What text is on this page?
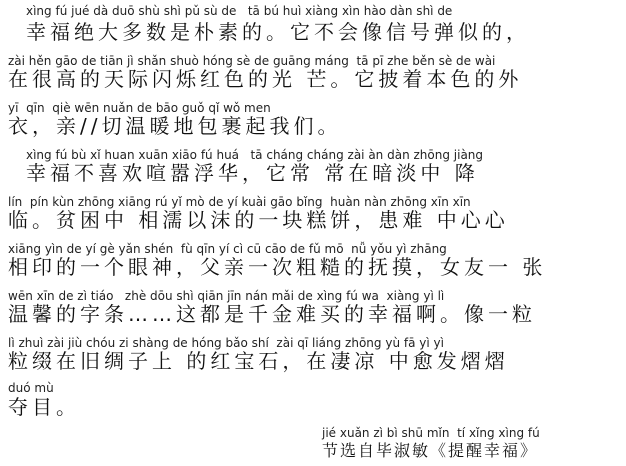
xìng fú jué dà duō shù shì pǔ sù de   tā bú huì xiàng xìn hào dàn shì de
幸福绝大多数是朴素的。它不会像信号弹似的，
zài hěn gāo de tiān jì shǎn shuò hóng sè de guāng máng  tā pī zhe běn sè de wài
在很高的天际闪烁红色的光 芒。它披着本色的外
yī  qīn  qiè wēn nuǎn de bāo guǒ qǐ wǒ men
衣，亲//切温暖地包裹起我们。
xìng fú bù xǐ huan xuān xiāo fú huá   tā cháng cháng zài àn dàn zhōng jiàng
幸福不喜欢喧嚣浮华，它常 常在暗淡中 降
lín  pín kùn zhōng xiāng rú yǐ mò de yí kuài gāo bǐng  huàn nàn zhōng xīn xīn
临。贫困中 相濡以沫的一块糕饼，患难 中心心
xiāng yìn de yí gè yǎn shén  fù qīn yí cì cū cāo de fǔ mō  nǚ yǒu yì zhāng
相印的一个眼神，父亲一次粗糙的抚摸，女友一 张
wēn xīn de zì tiáo   zhè dōu shì qiān jīn nán mǎi de xìng fú wa  xiàng yì lì
温馨的字条……这都是千金难买的幸福啊。像一粒
lì zhuì zài jiù chóu zi shàng de hóng bǎo shí  zài qī liáng zhōng yù fā yì yì
粒缀在旧绸子上 的红宝石，在凄凉 中愈发熠熠
duó mù
夺目。
jié xuǎn zì bì shū mǐn  tí xǐng xìng fú
节选自毕淑敏《提醒幸福》
